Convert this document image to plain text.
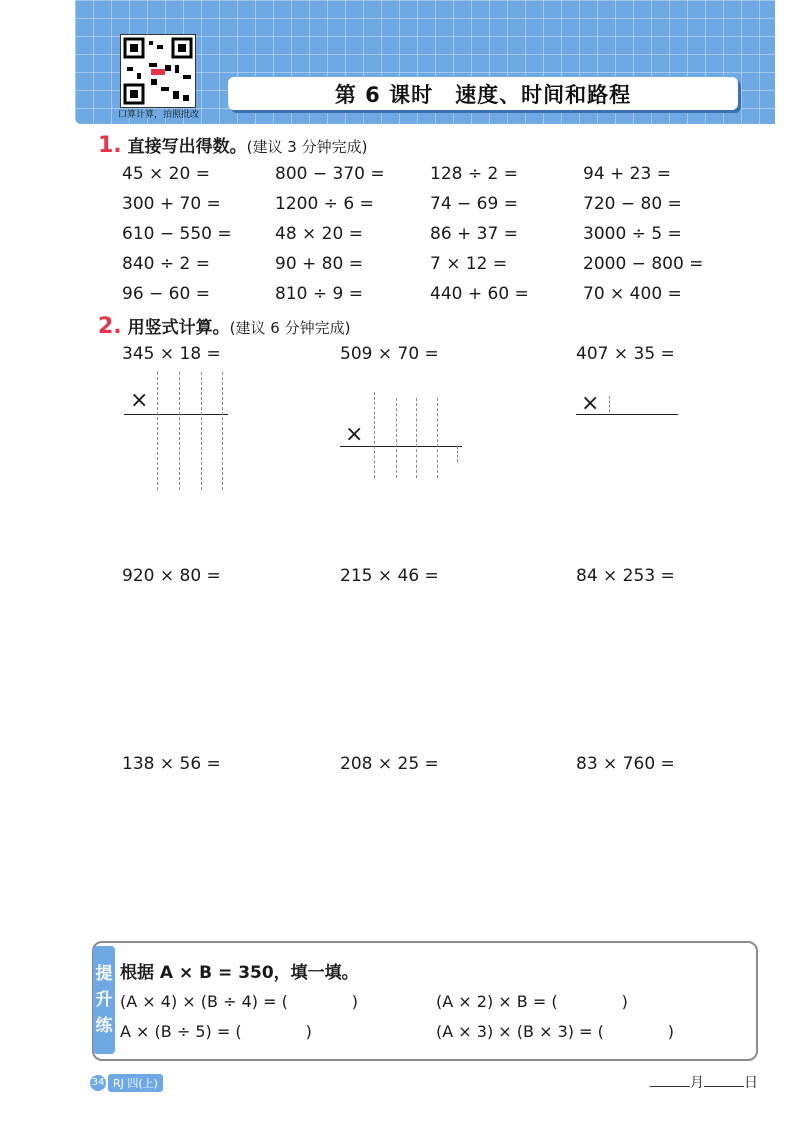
口算计算，拍照批改
第 6 课时　速度、时间和路程
1. 直接写出得数。(建议 3 分钟完成)
45 × 20 =	800 − 370 =	128 ÷ 2 =	94 + 23 =
300 + 70 =	1200 ÷ 6 =	74 − 69 =	720 − 80 =
610 − 550 =	48 × 20 =	86 + 37 =	3000 ÷ 5 =
840 ÷ 2 =	90 + 80 =	7 × 12 =	2000 − 800 =
96 − 60 =	810 ÷ 9 =	440 + 60 =	70 × 400 =
2. 用竖式计算。(建议 6 分钟完成)
345 × 18 =	509 × 70 =	407 × 35 =
×
×
×
920 × 80 =	215 × 46 =	84 × 253 =
138 × 56 =	208 × 25 =	83 × 760 =
提
升
练
根据 A × B = 350，填一填。
(A × 4) × (B ÷ 4) = (　　　　)	(A × 2) × B = (　　　　)
A × (B ÷ 5) = (　　　　)	(A × 3) × (B × 3) = (　　　　)
34 RJ 四(上)	月	日
